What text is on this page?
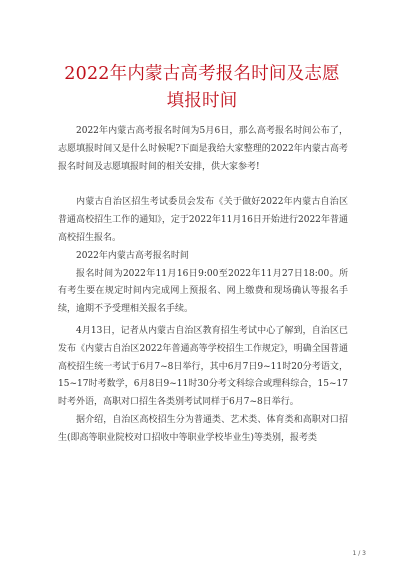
2022年内蒙古高考报名时间及志愿填报时间

2022年内蒙古高考报名时间为5月6日，那么高考报名时间公布了，志愿填报时间又是什么时候呢?下面是我给大家整理的2022年内蒙古高考报名时间及志愿填报时间的相关安排，供大家参考!

内蒙古自治区招生考试委员会发布《关于做好2022年内蒙古自治区普通高校招生工作的通知》，定于2022年11月16日开始进行2022年普通高校招生报名。

2022年内蒙古高考报名时间

报名时间为2022年11月16日9:00至2022年11月27日18:00。所有考生要在规定时间内完成网上预报名、网上缴费和现场确认等报名手续，逾期不予受理相关报名手续。

4月13日，记者从内蒙古自治区教育招生考试中心了解到，自治区已发布《内蒙古自治区2022年普通高等学校招生工作规定》，明确全国普通高校招生统一考试于6月7~8日举行，其中6月7日9~11时20分考语文，15~17时考数学，6月8日9~11时30分考文科综合或理科综合，15~17时考外语，高职对口招生各类别考试同样于6月7~8日举行。

据介绍，自治区高校招生分为普通类、艺术类、体育类和高职对口招生(即高等职业院校对口招收中等职业学校毕业生)等类别，报考类

1 / 3
